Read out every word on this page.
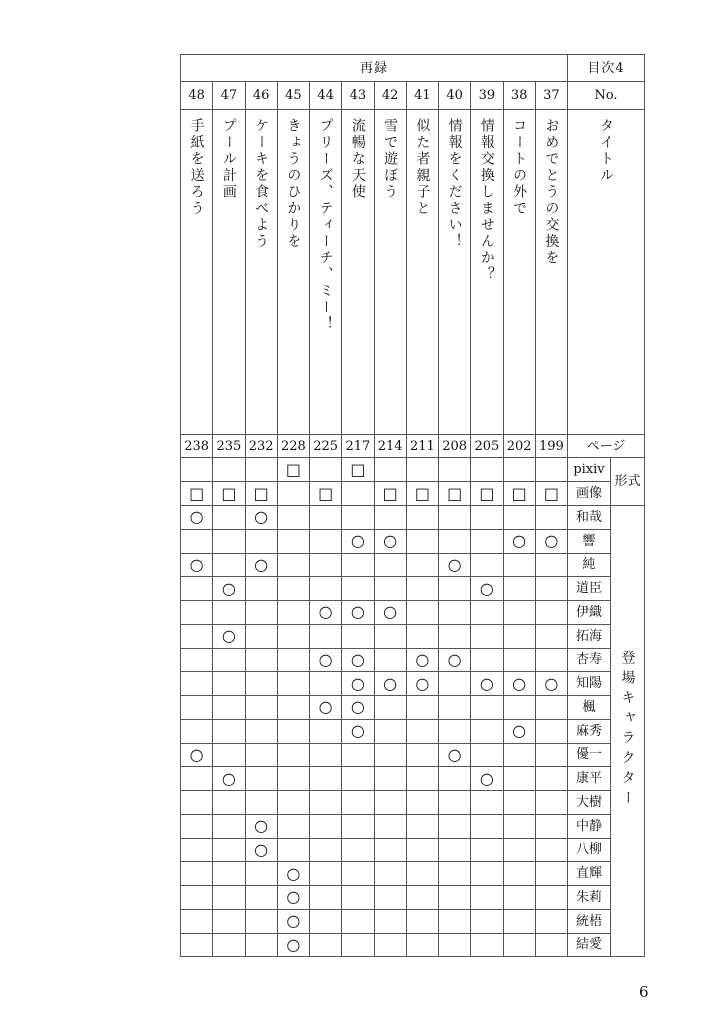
再録												目次4	
48	47	46	45	44	43	42	41	40	39	38	37	No.	
手紙を送ろう	プール計画	ケーキを食べよう	きょうのひかりを	プリーズ、ティーチ、ミー！	流暢な天使	雪で遊ぼう	似た者親子と	情報をください！	情報交換しませんか？	コートの外で	おめでとうの交換を	タイトル	
238	235	232	228	225	217	214	211	208	205	202	199	ページ	
			□		□							pixiv	形式
□	□	□		□		□	□	□	□	□	□	画像	
○		○										和哉	登場キャラクター
					○	○				○	○	響	
○		○						○				純	
	○								○			道臣	
				○	○	○						伊織	
	○											拓海	
				○	○		○	○				杏寿	
					○	○	○		○	○	○	知陽	
				○	○							楓	
					○					○		麻秀	
○								○				優一	
	○								○			康平	
												大樹	
		○										中静	
		○										八柳	
			○									直輝	
			○									朱莉	
			○									統梧	
			○									結愛	
6
